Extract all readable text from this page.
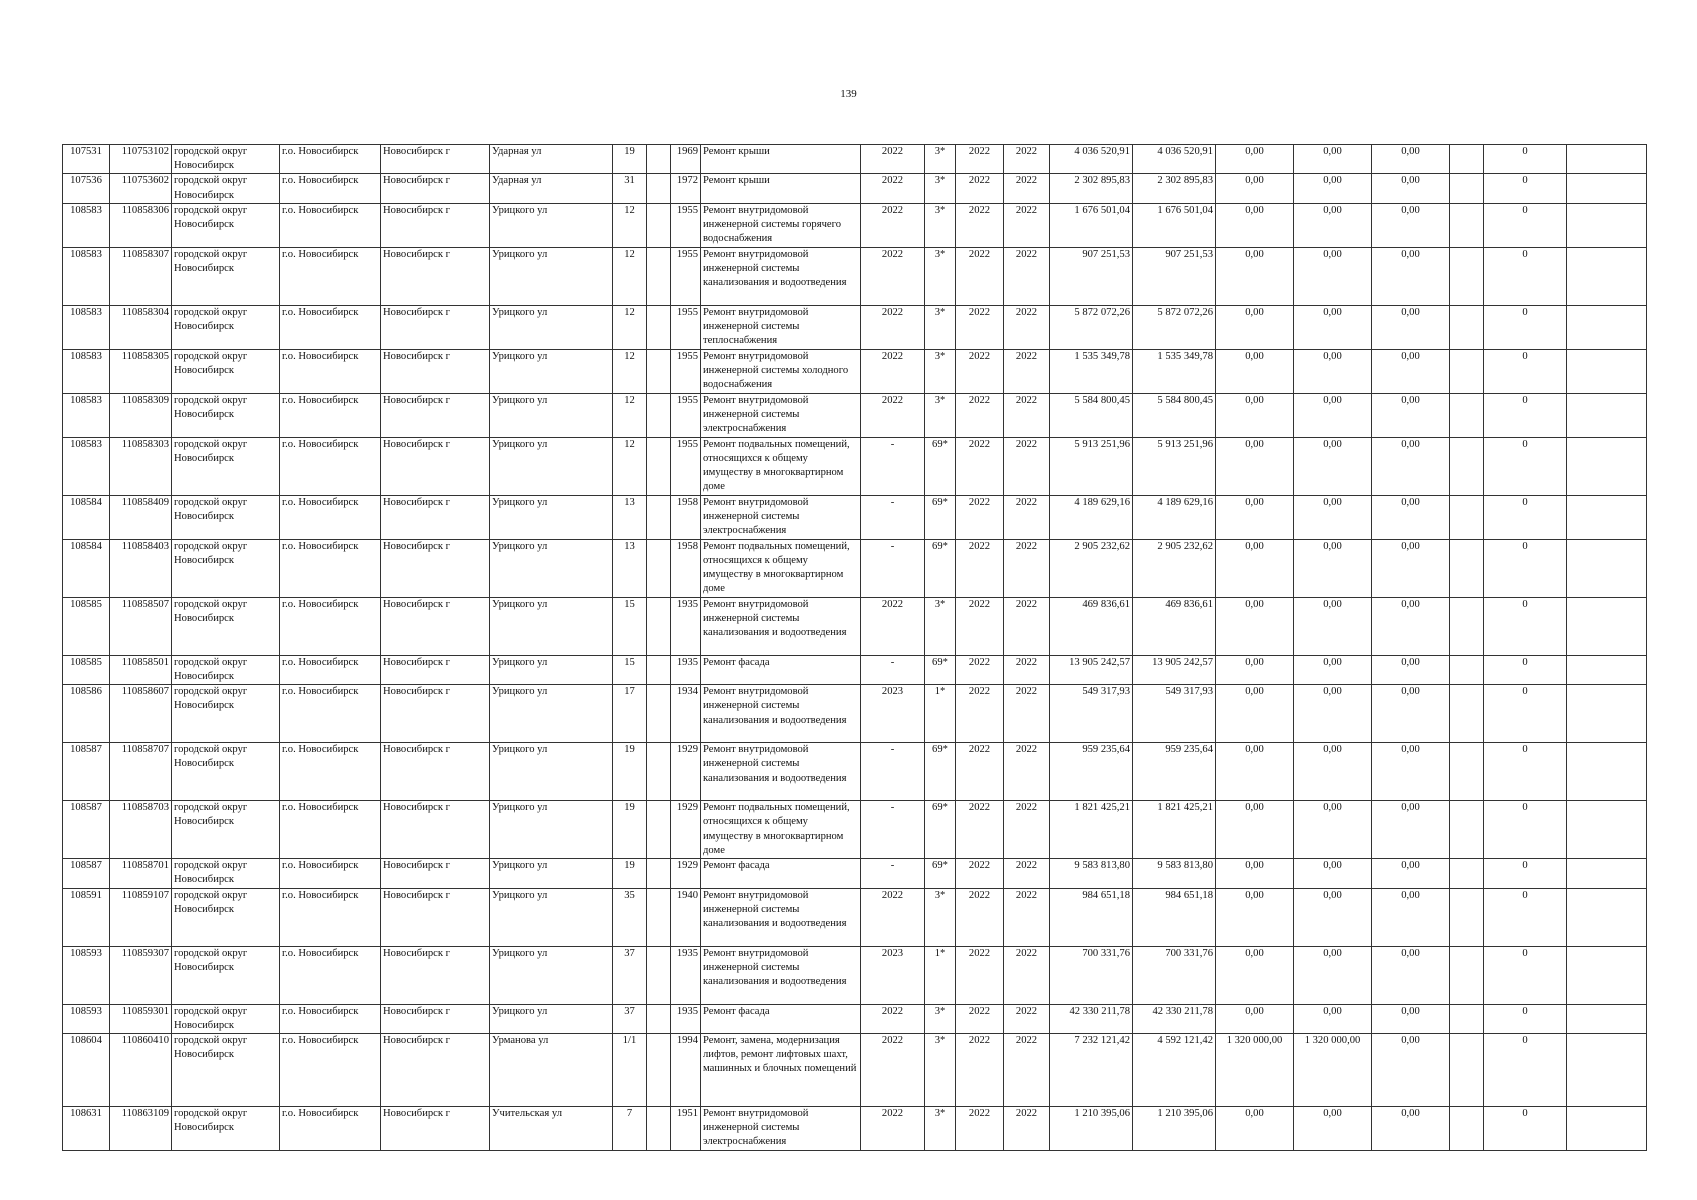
139
107531	110753102	городской округ Новосибирск	г.о. Новосибирск	Новосибирск г	Ударная ул	19		1969	Ремонт крыши	2022	3*	2022	2022	4 036 520,91	4 036 520,91	0,00	0,00	0,00		0	
107536	110753602	городской округ Новосибирск	г.о. Новосибирск	Новосибирск г	Ударная ул	31		1972	Ремонт крыши	2022	3*	2022	2022	2 302 895,83	2 302 895,83	0,00	0,00	0,00		0	
108583	110858306	городской округ Новосибирск	г.о. Новосибирск	Новосибирск г	Урицкого ул	12		1955	Ремонт внутридомовой инженерной системы горячего водоснабжения	2022	3*	2022	2022	1 676 501,04	1 676 501,04	0,00	0,00	0,00		0	
108583	110858307	городской округ Новосибирск	г.о. Новосибирск	Новосибирск г	Урицкого ул	12		1955	Ремонт внутридомовой инженерной системы канализования и водоотведения	2022	3*	2022	2022	907 251,53	907 251,53	0,00	0,00	0,00		0	
108583	110858304	городской округ Новосибирск	г.о. Новосибирск	Новосибирск г	Урицкого ул	12		1955	Ремонт внутридомовой инженерной системы теплоснабжения	2022	3*	2022	2022	5 872 072,26	5 872 072,26	0,00	0,00	0,00		0	
108583	110858305	городской округ Новосибирск	г.о. Новосибирск	Новосибирск г	Урицкого ул	12		1955	Ремонт внутридомовой инженерной системы холодного водоснабжения	2022	3*	2022	2022	1 535 349,78	1 535 349,78	0,00	0,00	0,00		0	
108583	110858309	городской округ Новосибирск	г.о. Новосибирск	Новосибирск г	Урицкого ул	12		1955	Ремонт внутридомовой инженерной системы электроснабжения	2022	3*	2022	2022	5 584 800,45	5 584 800,45	0,00	0,00	0,00		0	
108583	110858303	городской округ Новосибирск	г.о. Новосибирск	Новосибирск г	Урицкого ул	12		1955	Ремонт подвальных помещений, относящихся к общему имуществу в многоквартирном доме	-	69*	2022	2022	5 913 251,96	5 913 251,96	0,00	0,00	0,00		0	
108584	110858409	городской округ Новосибирск	г.о. Новосибирск	Новосибирск г	Урицкого ул	13		1958	Ремонт внутридомовой инженерной системы электроснабжения	-	69*	2022	2022	4 189 629,16	4 189 629,16	0,00	0,00	0,00		0	
108584	110858403	городской округ Новосибирск	г.о. Новосибирск	Новосибирск г	Урицкого ул	13		1958	Ремонт подвальных помещений, относящихся к общему имуществу в многоквартирном доме	-	69*	2022	2022	2 905 232,62	2 905 232,62	0,00	0,00	0,00		0	
108585	110858507	городской округ Новосибирск	г.о. Новосибирск	Новосибирск г	Урицкого ул	15		1935	Ремонт внутридомовой инженерной системы канализования и водоотведения	2022	3*	2022	2022	469 836,61	469 836,61	0,00	0,00	0,00		0	
108585	110858501	городской округ Новосибирск	г.о. Новосибирск	Новосибирск г	Урицкого ул	15		1935	Ремонт фасада	-	69*	2022	2022	13 905 242,57	13 905 242,57	0,00	0,00	0,00		0	
108586	110858607	городской округ Новосибирск	г.о. Новосибирск	Новосибирск г	Урицкого ул	17		1934	Ремонт внутридомовой инженерной системы канализования и водоотведения	2023	1*	2022	2022	549 317,93	549 317,93	0,00	0,00	0,00		0	
108587	110858707	городской округ Новосибирск	г.о. Новосибирск	Новосибирск г	Урицкого ул	19		1929	Ремонт внутридомовой инженерной системы канализования и водоотведения	-	69*	2022	2022	959 235,64	959 235,64	0,00	0,00	0,00		0	
108587	110858703	городской округ Новосибирск	г.о. Новосибирск	Новосибирск г	Урицкого ул	19		1929	Ремонт подвальных помещений, относящихся к общему имуществу в многоквартирном доме	-	69*	2022	2022	1 821 425,21	1 821 425,21	0,00	0,00	0,00		0	
108587	110858701	городской округ Новосибирск	г.о. Новосибирск	Новосибирск г	Урицкого ул	19		1929	Ремонт фасада	-	69*	2022	2022	9 583 813,80	9 583 813,80	0,00	0,00	0,00		0	
108591	110859107	городской округ Новосибирск	г.о. Новосибирск	Новосибирск г	Урицкого ул	35		1940	Ремонт внутридомовой инженерной системы канализования и водоотведения	2022	3*	2022	2022	984 651,18	984 651,18	0,00	0,00	0,00		0	
108593	110859307	городской округ Новосибирск	г.о. Новосибирск	Новосибирск г	Урицкого ул	37		1935	Ремонт внутридомовой инженерной системы канализования и водоотведения	2023	1*	2022	2022	700 331,76	700 331,76	0,00	0,00	0,00		0	
108593	110859301	городской округ Новосибирск	г.о. Новосибирск	Новосибирск г	Урицкого ул	37		1935	Ремонт фасада	2022	3*	2022	2022	42 330 211,78	42 330 211,78	0,00	0,00	0,00		0	
108604	110860410	городской округ Новосибирск	г.о. Новосибирск	Новосибирск г	Урманова ул	1/1		1994	Ремонт, замена, модернизация лифтов, ремонт лифтовых шахт, машинных и блочных помещений	2022	3*	2022	2022	7 232 121,42	4 592 121,42	1 320 000,00	1 320 000,00	0,00		0	
108631	110863109	городской округ Новосибирск	г.о. Новосибирск	Новосибирск г	Учительская ул	7		1951	Ремонт внутридомовой инженерной системы электроснабжения	2022	3*	2022	2022	1 210 395,06	1 210 395,06	0,00	0,00	0,00		0	
